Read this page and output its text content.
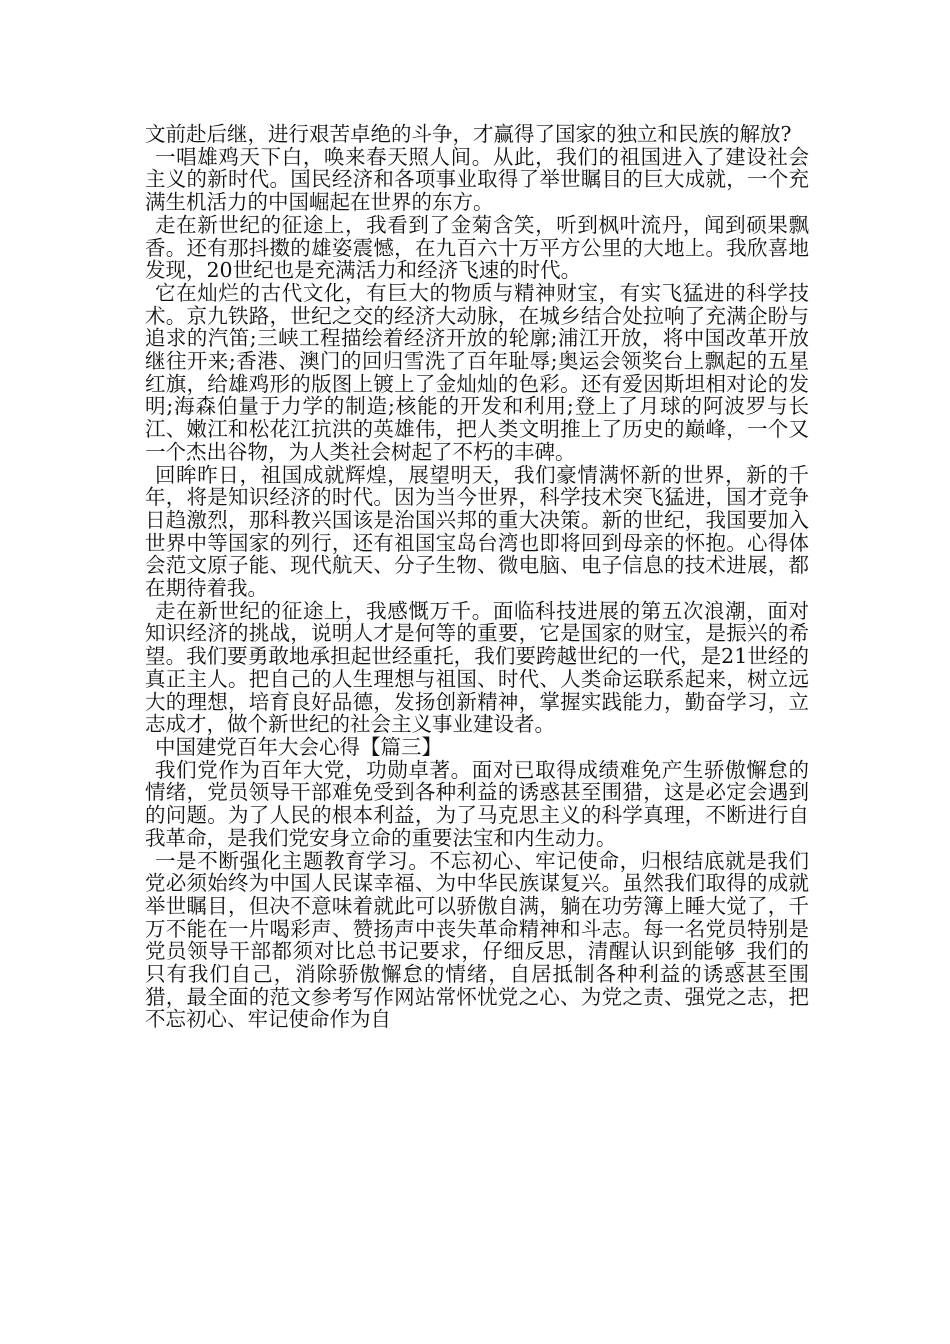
文前赴后继，进行艰苦卓绝的斗争，才赢得了国家的独立和民族的解放?

一唱雄鸡天下白，唤来春天照人间。从此，我们的祖国进入了建设社会主义的新时代。国民经济和各项事业取得了举世瞩目的巨大成就，一个充满生机活力的中国崛起在世界的东方。

走在新世纪的征途上，我看到了金菊含笑，听到枫叶流丹，闻到硕果飘香。还有那抖擞的雄姿震憾，在九百六十万平方公里的大地上。我欣喜地发现，20世纪也是充满活力和经济飞速的时代。

它在灿烂的古代文化，有巨大的物质与精神财宝，有实飞猛进的科学技术。京九铁路，世纪之交的经济大动脉，在城乡结合处拉响了充满企盼与追求的汽笛;三峡工程描绘着经济开放的轮廓;浦江开放，将中国改革开放继往开来;香港、澳门的回归雪洗了百年耻辱;奥运会领奖台上飘起的五星红旗，给雄鸡形的版图上镀上了金灿灿的色彩。还有爱因斯坦相对论的发明;海森伯量于力学的制造;核能的开发和利用;登上了月球的阿波罗与长江、嫩江和松花江抗洪的英雄伟，把人类文明推上了历史的巅峰，一个又一个杰出谷物，为人类社会树起了不朽的丰碑。

回眸昨日，祖国成就辉煌，展望明天，我们豪情满怀新的世界，新的千年，将是知识经济的时代。因为当今世界，科学技术突飞猛进，国才竞争日趋激烈，那科教兴国该是治国兴邦的重大决策。新的世纪，我国要加入世界中等国家的列行，还有祖国宝岛台湾也即将回到母亲的怀抱。心得体会范文原子能、现代航天、分子生物、微电脑、电子信息的技术进展，都在期待着我。

走在新世纪的征途上，我感慨万千。面临科技进展的第五次浪潮，面对知识经济的挑战，说明人才是何等的重要，它是国家的财宝，是振兴的希望。我们要勇敢地承担起世经重托，我们要跨越世纪的一代，是21世经的真正主人。把自己的人生理想与祖国、时代、人类命运联系起来，树立远大的理想，培育良好品德，发扬创新精神，掌握实践能力，勤奋学习，立志成才，做个新世纪的社会主义事业建设者。

中国建党百年大会心得【篇三】

我们党作为百年大党，功勋卓著。面对已取得成绩难免产生骄傲懈怠的情绪，党员领导干部难免受到各种利益的诱惑甚至围猎，这是必定会遇到的问题。为了人民的根本利益，为了马克思主义的科学真理，不断进行自我革命，是我们党安身立命的重要法宝和内生动力。

一是不断强化主题教育学习。不忘初心、牢记使命，归根结底就是我们党必须始终为中国人民谋幸福、为中华民族谋复兴。虽然我们取得的成就举世瞩目，但决不意味着就此可以骄傲自满，躺在功劳簿上睡大觉了，千万不能在一片喝彩声、赞扬声中丧失革命精神和斗志。每一名党员特别是党员领导干部都须对比总书记要求，仔细反思，清醒认识到能够_我们的只有我们自己，消除骄傲懈怠的情绪，自居抵制各种利益的诱惑甚至围猎，最全面的范文参考写作网站常怀忧党之心、为党之责、强党之志，把不忘初心、牢记使命作为自
